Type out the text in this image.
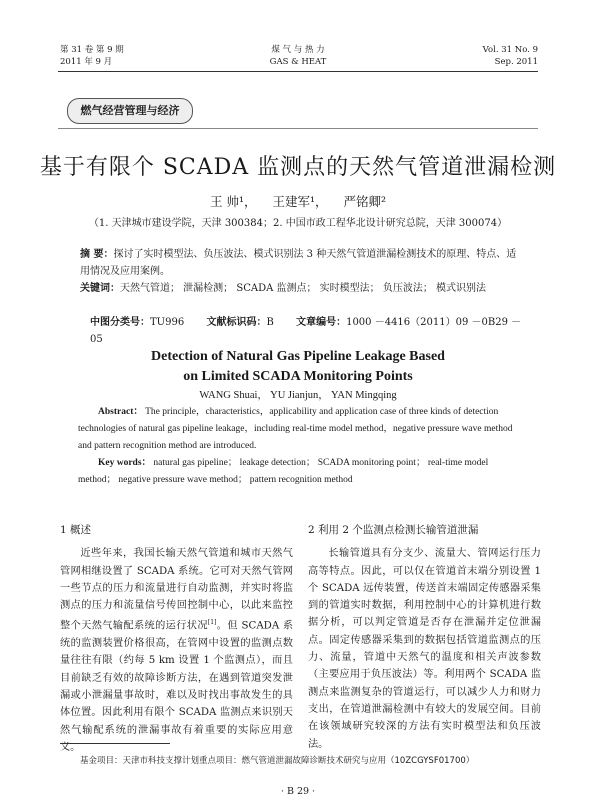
第 31 卷 第 9 期
2011 年 9 月
煤 气 与 热 力
GAS & HEAT
Vol. 31 No. 9
Sep. 2011
燃气经营管理与经济
基于有限个 SCADA 监测点的天然气管道泄漏检测
王 帅¹， 王建军¹， 严铭卿²
（1. 天津城市建设学院，天津 300384；2. 中国市政工程华北设计研究总院，天津 300074）
摘 要：探讨了实时模型法、负压波法、模式识别法 3 种天然气管道泄漏检测技术的原理、特点、适用情况及应用案例。
关键词：天然气管道； 泄漏检测； SCADA 监测点； 实时模型法； 负压波法； 模式识别法
中图分类号：TU996 文献标识码：B 文章编号：1000 －4416（2011）09 －0B29 －05
Detection of Natural Gas Pipeline Leakage Based
on Limited SCADA Monitoring Points
WANG Shuai， YU Jianjun， YAN Mingqing
Abstract： The principle，characteristics，applicability and application case of three kinds of detection technologies of natural gas pipeline leakage，including real-time model method，negative pressure wave method and pattern recognition method are introduced.
Key words： natural gas pipeline； leakage detection； SCADA monitoring point； real-time model method； negative pressure wave method； pattern recognition method
1 概述

近些年来，我国长输天然气管道和城市天然气管网相继设置了 SCADA 系统。它可对天然气管网一些节点的压力和流量进行自动监测，并实时将监测点的压力和流量信号传回控制中心，以此来监控整个天然气输配系统的运行状况[1]。但 SCADA 系统的监测装置价格很高，在管网中设置的监测点数量往往有限（约每 5 km 设置 1 个监测点），而且目前缺乏有效的故障诊断方法，在遇到管道突发泄漏或小泄漏量事故时，难以及时找出事故发生的具体位置。因此利用有限个 SCADA 监测点来识别天然气输配系统的泄漏事故有着重要的实际应用意义。

2 利用 2 个监测点检测长输管道泄漏

长输管道具有分支少、流量大、管网运行压力高等特点。因此，可以仅在管道首末端分别设置 1 个 SCADA 远传装置，传送首末端固定传感器采集到的管道实时数据，利用控制中心的计算机进行数据分析，可以判定管道是否存在泄漏并定位泄漏点。固定传感器采集到的数据包括管道监测点的压力、流量，管道中天然气的温度和相关声波参数（主要应用于负压波法）等。利用两个 SCADA 监测点来监测复杂的管道运行，可以减少人力和财力支出，在管道泄漏检测中有较大的发展空间。目前在该领域研究较深的方法有实时模型法和负压波法。

基金项目：天津市科技支撑计划重点项目：燃气管道泄漏故障诊断技术研究与应用（10ZCGYSF01700）
· B 29 ·
